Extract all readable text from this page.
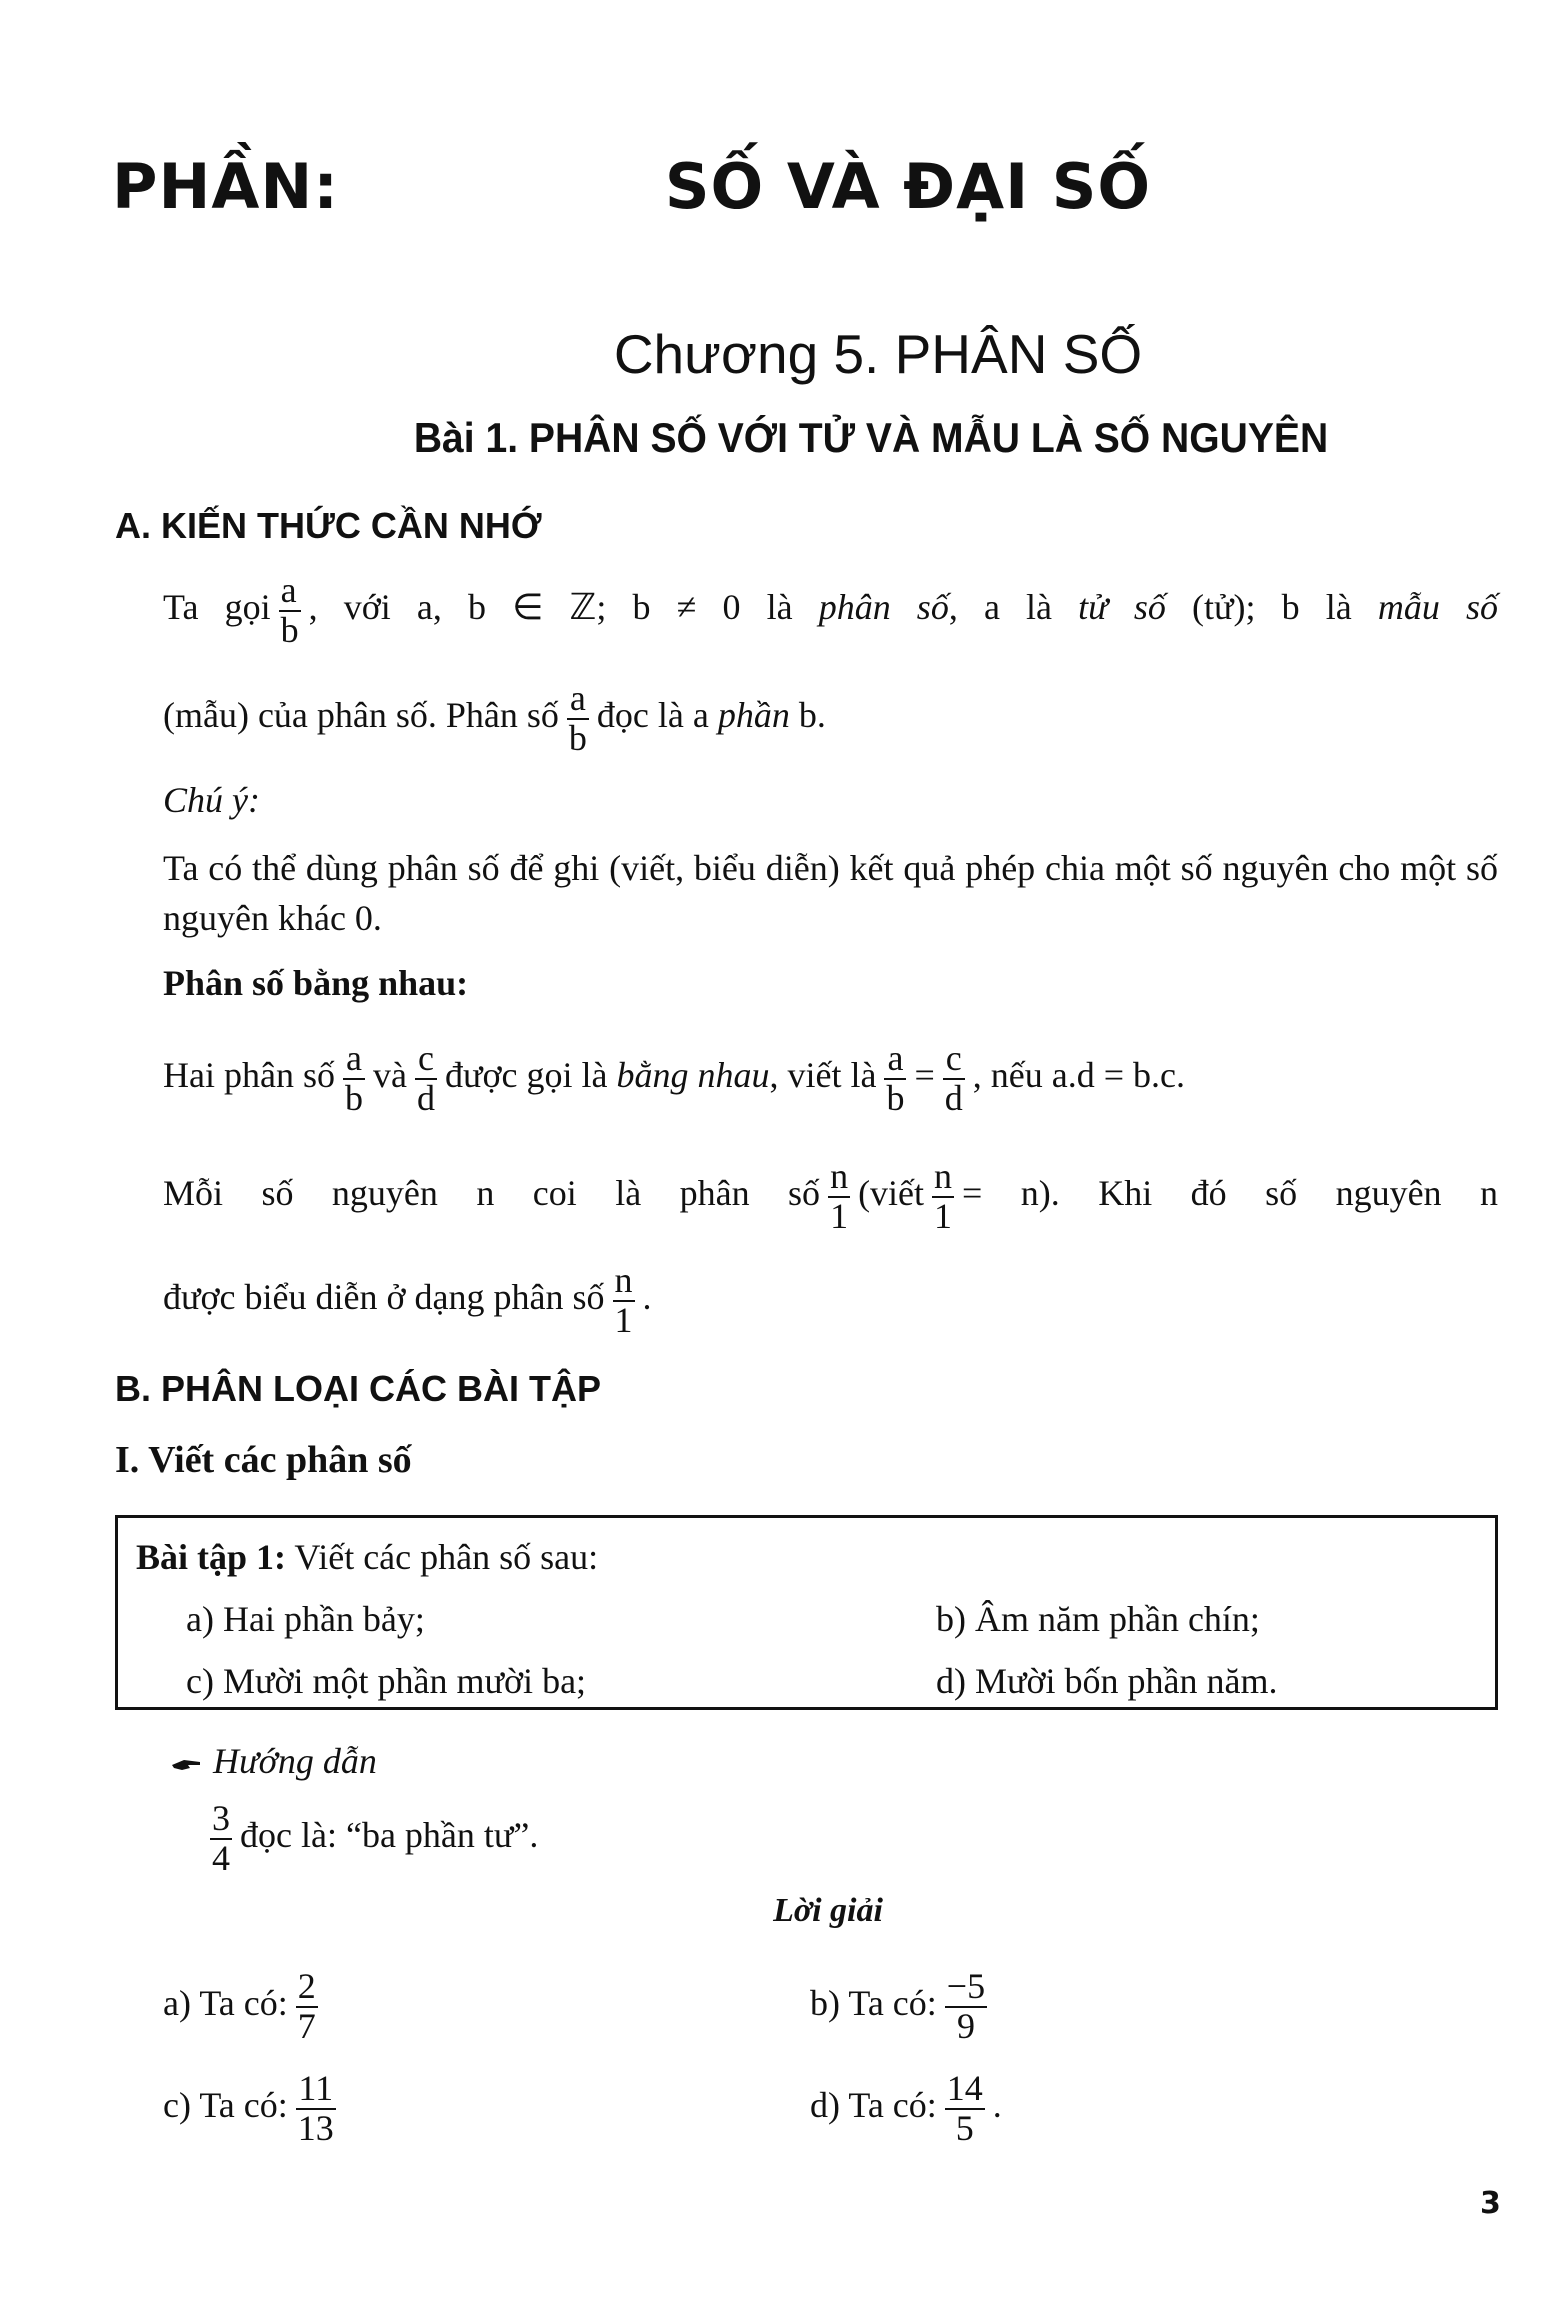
PHẦN:	SỐ VÀ ĐẠI SỐ
Chương 5. PHÂN SỐ
Bài 1. PHÂN SỐ VỚI TỬ VÀ MẪU LÀ SỐ NGUYÊN
A. KIẾN THỨC CẦN NHỚ
Ta gọi $\frac{a}{b}$ , với a, b ∈ ℤ; b ≠ 0 là phân số, a là tử số (tử); b là mẫu số
(mẫu) của phân số. Phân số $\frac{a}{b}$ đọc là a phần b.
Chú ý:
Ta có thể dùng phân số để ghi (viết, biểu diễn) kết quả phép chia một số nguyên cho một số nguyên khác 0.
Phân số bằng nhau:
Hai phân số $\frac{a}{b}$ và $\frac{c}{d}$ được gọi là bằng nhau, viết là $\frac{a}{b} = \frac{c}{d}$ , nếu a.d = b.c.
Mỗi số nguyên n coi là phân số $\frac{n}{1}$ (viết $\frac{n}{1} = n$). Khi đó số nguyên n
được biểu diễn ở dạng phân số $\frac{n}{1}$ .
B. PHÂN LOẠI CÁC BÀI TẬP
I. Viết các phân số
Bài tập 1: Viết các phân số sau:
a) Hai phần bảy;	b) Âm năm phần chín;
c) Mười một phần mười ba;	d) Mười bốn phần năm.
Hướng dẫn
$\frac{3}{4}$ đọc là: “ba phần tư”.
Lời giải
a) Ta có: $\frac{2}{7}$	b) Ta có: $\frac{-5}{9}$
c) Ta có: $\frac{11}{13}$	d) Ta có: $\frac{14}{5}$ .
3
